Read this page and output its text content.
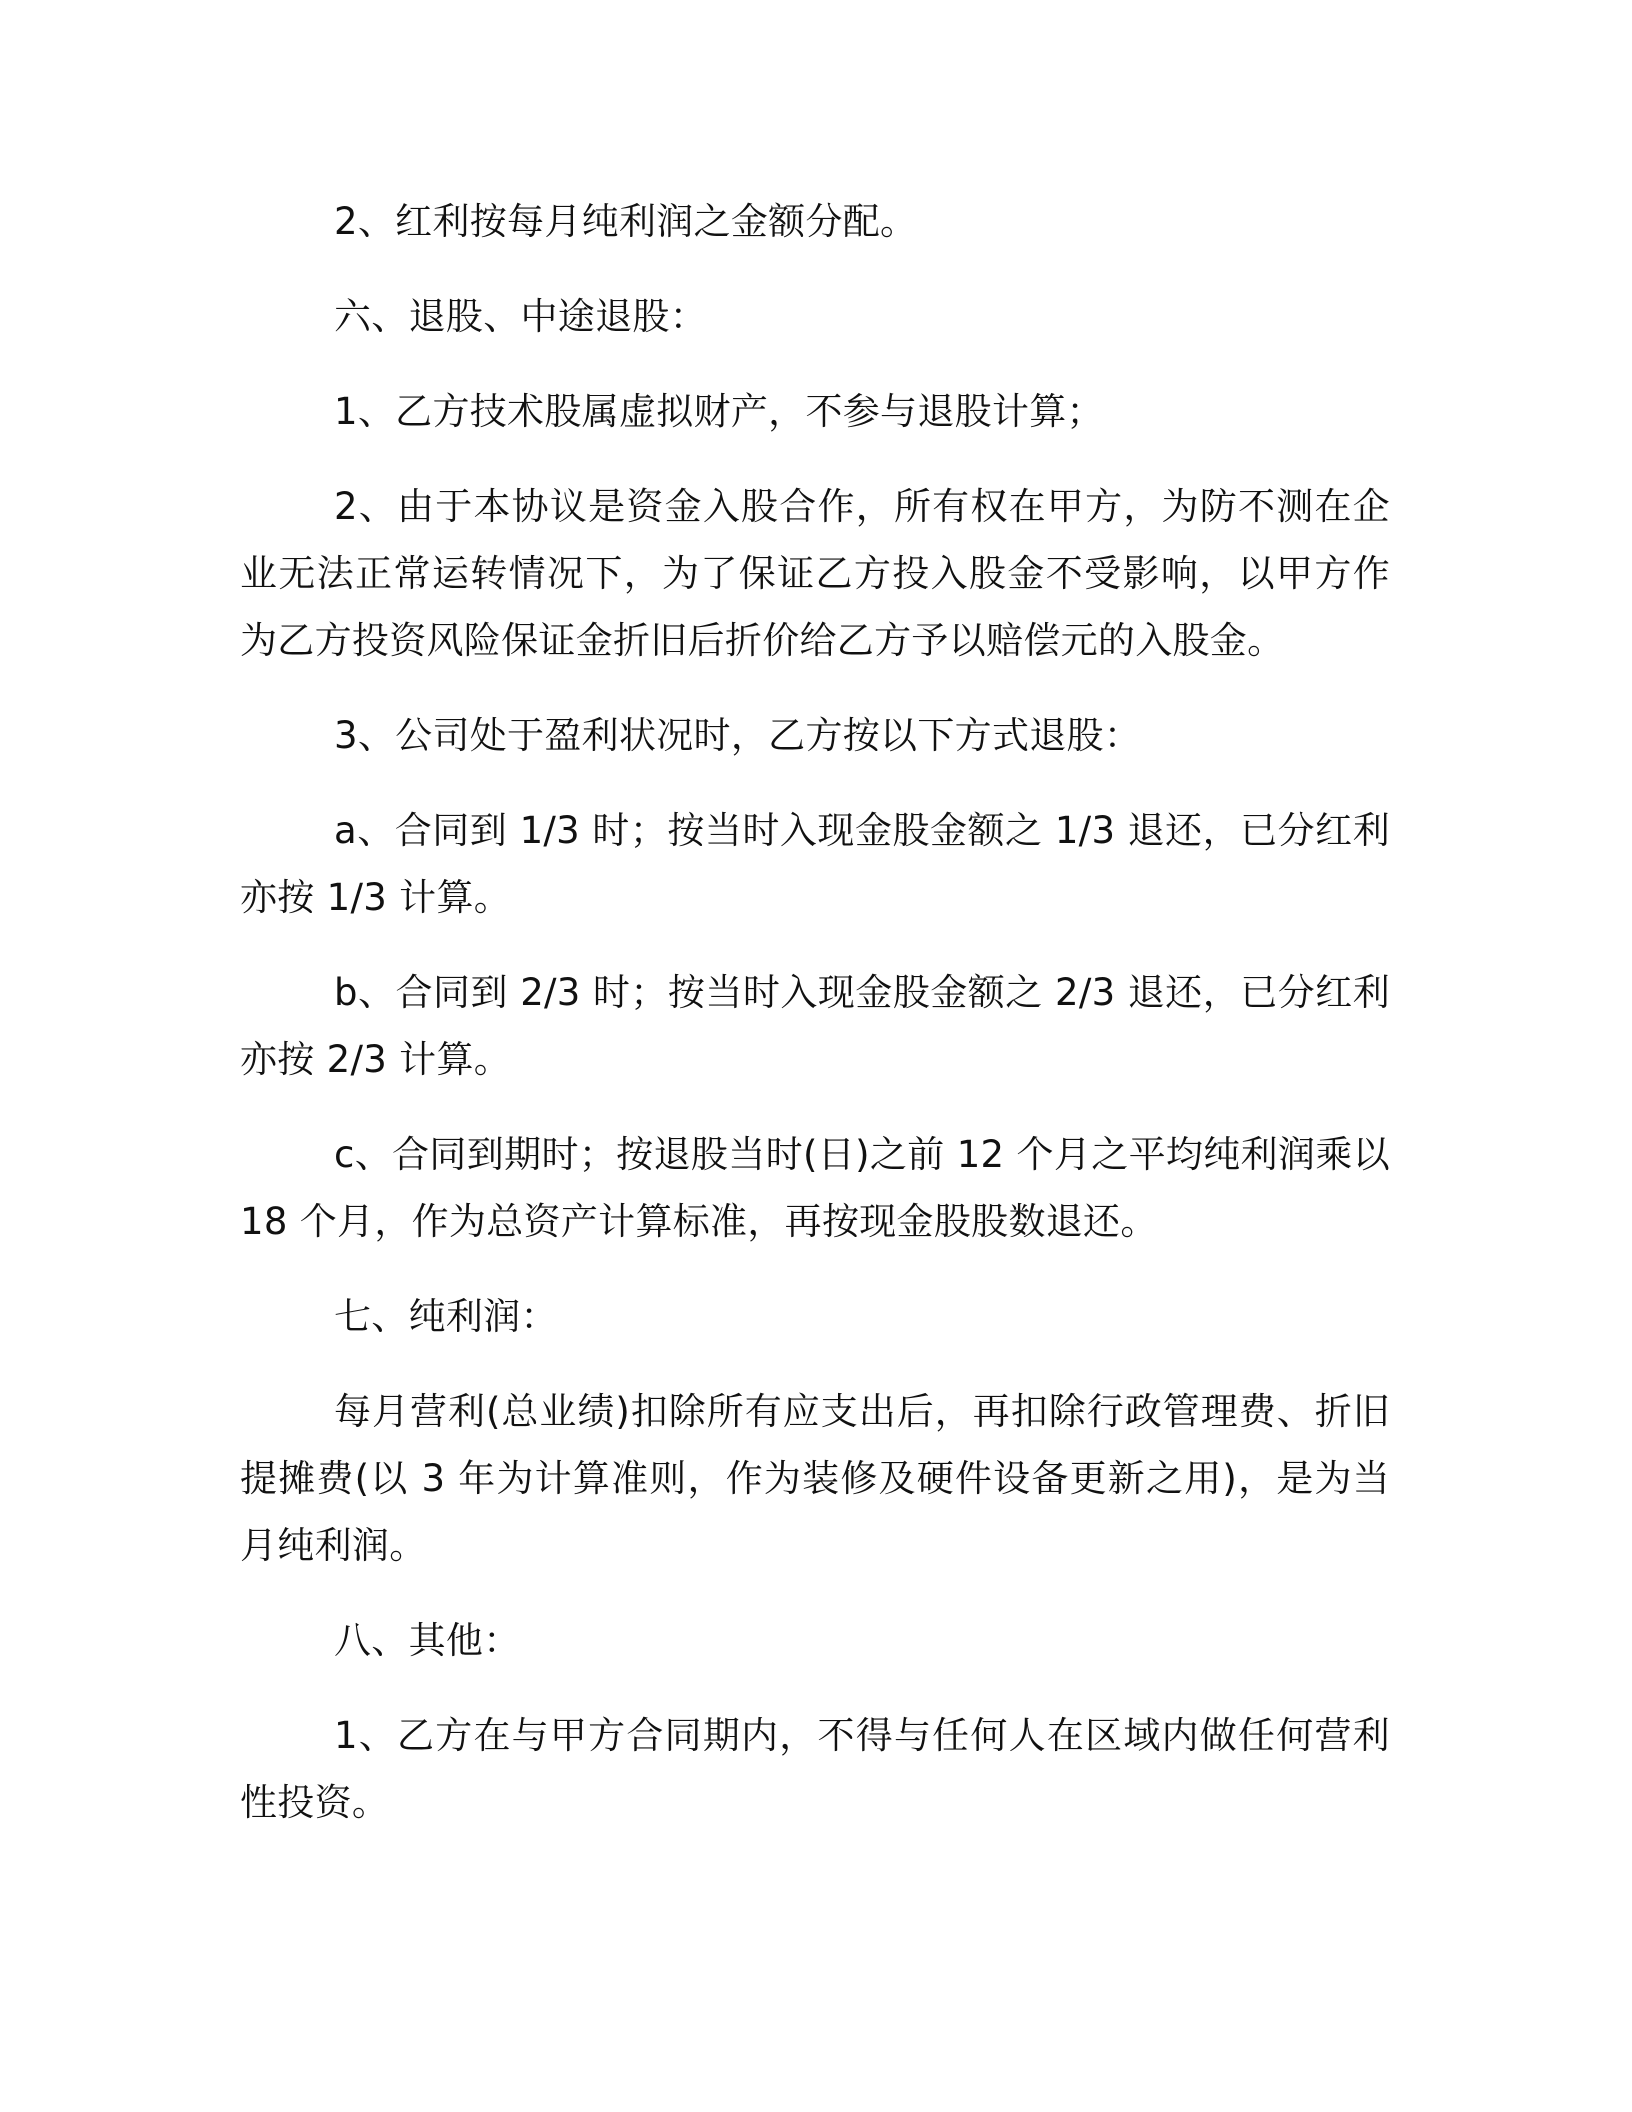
2、红利按每月纯利润之金额分配。

六、退股、中途退股：

1、乙方技术股属虚拟财产，不参与退股计算；

2、由于本协议是资金入股合作，所有权在甲方，为防不测在企业无法正常运转情况下，为了保证乙方投入股金不受影响，以甲方作为乙方投资风险保证金折旧后折价给乙方予以赔偿元的入股金。

3、公司处于盈利状况时，乙方按以下方式退股：

a、合同到 1/3 时；按当时入现金股金额之 1/3 退还，已分红利亦按 1/3 计算。

b、合同到 2/3 时；按当时入现金股金额之 2/3 退还，已分红利亦按 2/3 计算。

c、合同到期时；按退股当时(日)之前 12 个月之平均纯利润乘以 18 个月，作为总资产计算标准，再按现金股股数退还。

七、纯利润：

每月营利(总业绩)扣除所有应支出后，再扣除行政管理费、折旧提摊费(以 3 年为计算准则，作为装修及硬件设备更新之用)，是为当月纯利润。

八、其他：

1、乙方在与甲方合同期内，不得与任何人在区域内做任何营利性投资。
